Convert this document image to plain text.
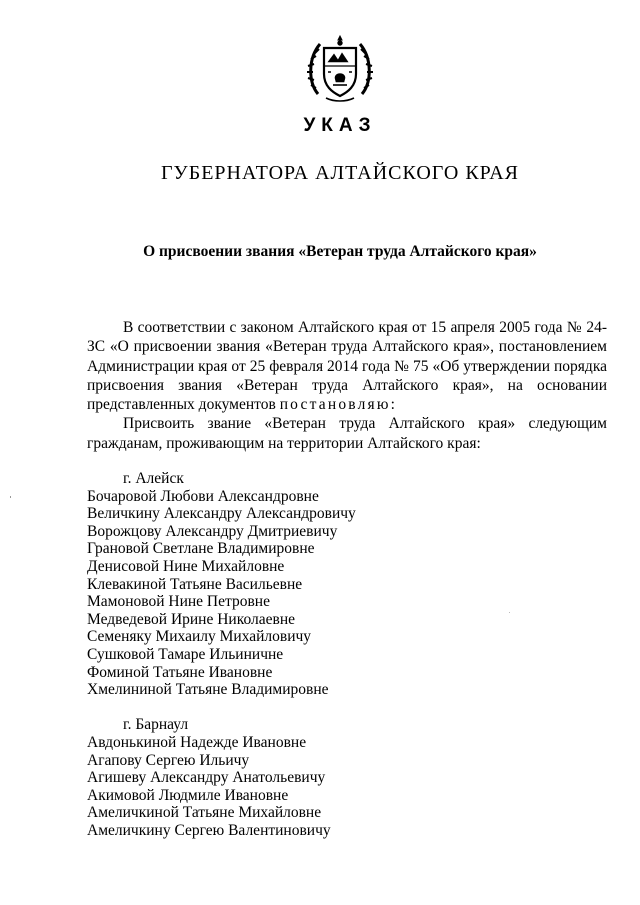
УКАЗ
ГУБЕРНАТОРА АЛТАЙСКОГО КРАЯ
О присвоении звания «Ветеран труда Алтайского края»

В соответствии с законом Алтайского края от 15 апреля 2005 года № 24-ЗС «О присвоении звания «Ветеран труда Алтайского края», постановлением Администрации края от 25 февраля 2014 года № 75 «Об утверждении порядка присвоения звания «Ветеран труда Алтайского края», на основании представленных документов постановляю:

Присвоить звание «Ветеран труда Алтайского края» следующим гражданам, проживающим на территории Алтайского края:

г. Алейск
Бочаровой Любови Александровне
Величкину Александру Александровичу
Ворожцову Александру Дмитриевичу
Грановой Светлане Владимировне
Денисовой Нине Михайловне
Клевакиной Татьяне Васильевне
Мамоновой Нине Петровне
Медведевой Ирине Николаевне
Семеняку Михаилу Михайловичу
Сушковой Тамаре Ильиничне
Фоминой Татьяне Ивановне
Хмелининой Татьяне Владимировне
г. Барнаул
Авдонькиной Надежде Ивановне
Агапову Сергею Ильичу
Агишеву Александру Анатольевичу
Акимовой Людмиле Ивановне
Амеличкиной Татьяне Михайловне
Амеличкину Сергею Валентиновичу
